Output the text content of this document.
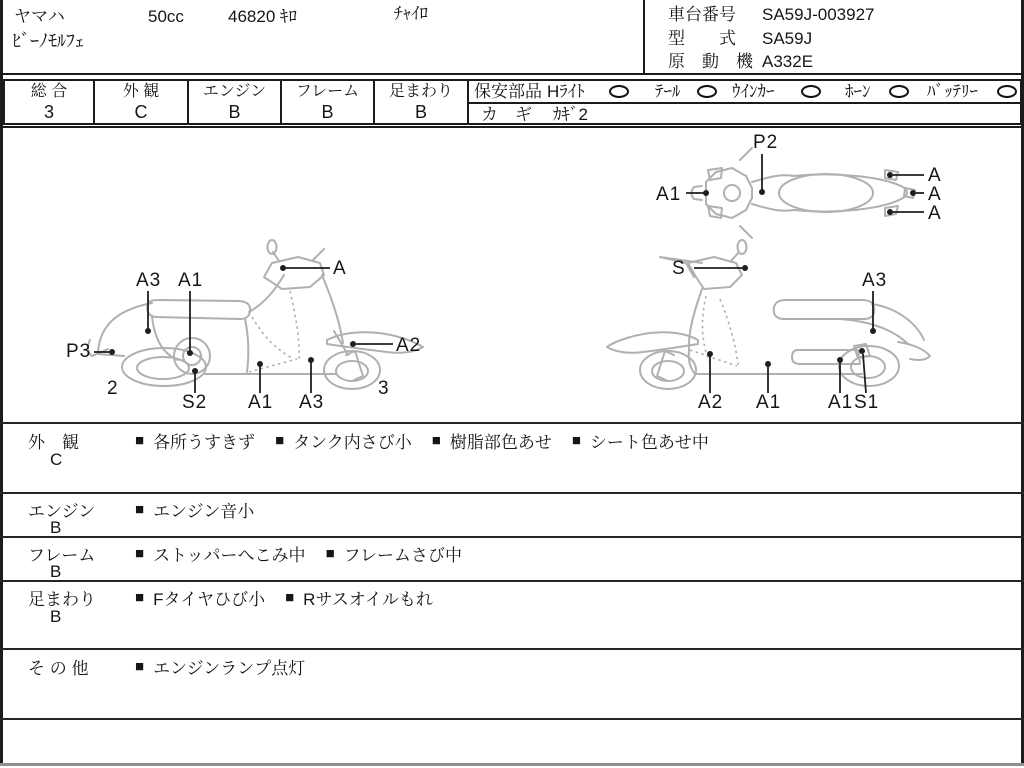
ヤマハ	50cc	46820 ｷﾛ	ﾁｬｲﾛ
ﾋﾞｰﾉﾓﾙﾌｪ
車台番号 SA59J-003927
型　　式 SA59J
原　動　機 A332E
総 合
3
外 観
C
エンジン
B
フレーム
B
足まわり
B
保安部品 Hﾗｲﾄ	ﾃｰﾙ	ｳｲﾝｶｰ	ﾎｰﾝ	ﾊﾞｯﾃﾘｰ
カ　ギ ｶｷﾞ2
A1
P2
A
A
A
A3 A1
A
P3	A2
2
S2 A1 A3
3
S
A3
A2 A1 A1 S1
外　観
C
■ 各所うすきず ■ タンク内さび小 ■ 樹脂部色あせ ■ シート色あせ中
エンジン
B
■ エンジン音小
フレーム
B
■ ストッパーへこみ中 ■ フレームさび中
足まわり
B
■ Fタイヤひび小 ■ Rサスオイルもれ
そ の 他	■ エンジンランプ点灯
